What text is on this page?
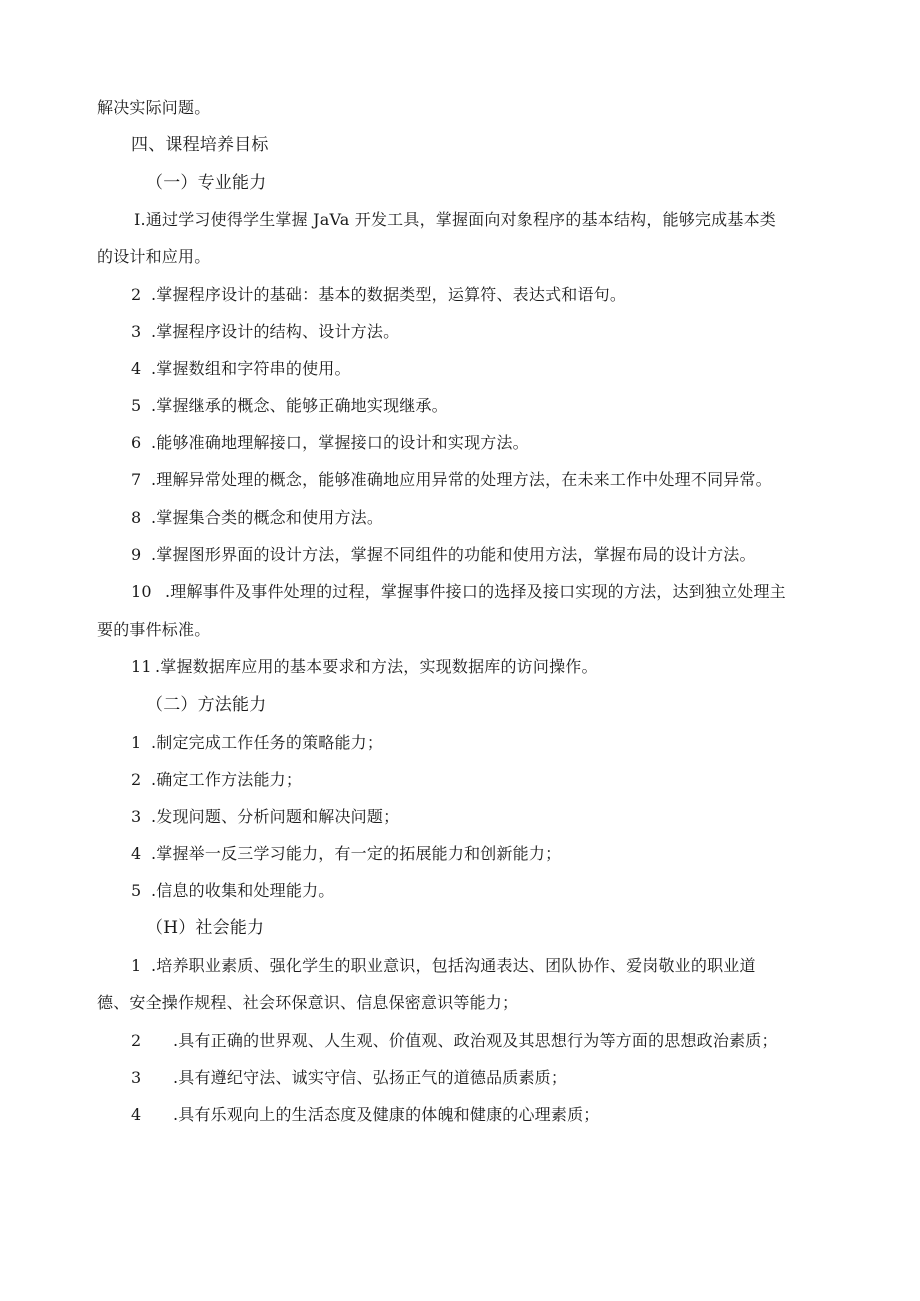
解决实际问题。
四、课程培养目标
（一）专业能力
I.通过学习使得学生掌握 JaVa 开发工具，掌握面向对象程序的基本结构，能够完成基本类
的设计和应用。
2 .掌握程序设计的基础：基本的数据类型，运算符、表达式和语句。
3 .掌握程序设计的结构、设计方法。
4 .掌握数组和字符串的使用。
5 .掌握继承的概念、能够正确地实现继承。
6 .能够准确地理解接口，掌握接口的设计和实现方法。
7 .理解异常处理的概念，能够准确地应用异常的处理方法，在未来工作中处理不同异常。
8 .掌握集合类的概念和使用方法。
9 .掌握图形界面的设计方法，掌握不同组件的功能和使用方法，掌握布局的设计方法。
10 .理解事件及事件处理的过程，掌握事件接口的选择及接口实现的方法，达到独立处理主
要的事件标准。
11 .掌握数据库应用的基本要求和方法，实现数据库的访问操作。
（二）方法能力
1 .制定完成工作任务的策略能力；
2 .确定工作方法能力；
3 .发现问题、分析问题和解决问题；
4 .掌握举一反三学习能力，有一定的拓展能力和创新能力；
5 .信息的收集和处理能力。
（H）社会能力
1 .培养职业素质、强化学生的职业意识，包括沟通表达、团队协作、爱岗敬业的职业道
德、安全操作规程、社会环保意识、信息保密意识等能力；
2 .具有正确的世界观、人生观、价值观、政治观及其思想行为等方面的思想政治素质；
3 .具有遵纪守法、诚实守信、弘扬正气的道德品质素质；
4 .具有乐观向上的生活态度及健康的体魄和健康的心理素质；
